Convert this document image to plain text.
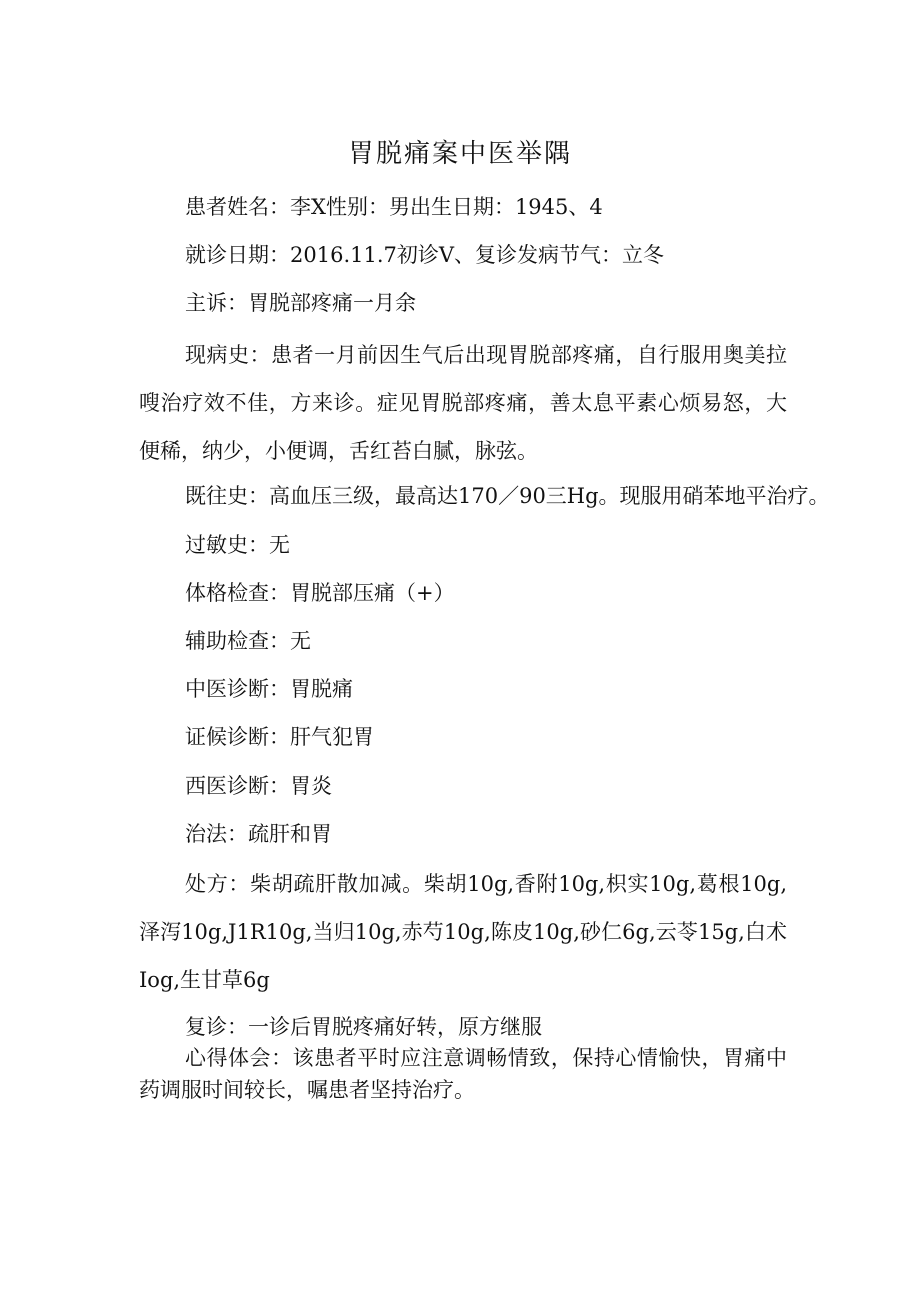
胃脱痛案中医举隅

患者姓名：李X性别：男出生日期：1945、4

就诊日期：2016.11.7初诊V、复诊发病节气：立冬

主诉：胃脱部疼痛一月余

现病史：患者一月前因生气后出现胃脱部疼痛，自行服用奥美拉嗖治疗效不佳，方来诊。症见胃脱部疼痛，善太息平素心烦易怒，大便稀，纳少，小便调，舌红苔白腻，脉弦。

既往史：高血压三级，最高达170／90三Hg。现服用硝苯地平治疗。

过敏史：无

体格检查：胃脱部压痛（+）

辅助检查：无

中医诊断：胃脱痛

证候诊断：肝气犯胃

西医诊断：胃炎

治法：疏肝和胃

处方：柴胡疏肝散加减。柴胡10g,香附10g,枳实10g,葛根10g,泽泻10g,J1R10g,当归10g,赤芍10g,陈皮10g,砂仁6g,云苓15g,白术Iog,生甘草6g

复诊：一诊后胃脱疼痛好转，原方继服

心得体会：该患者平时应注意调畅情致，保持心情愉快，胃痛中药调服时间较长，嘱患者坚持治疗。
